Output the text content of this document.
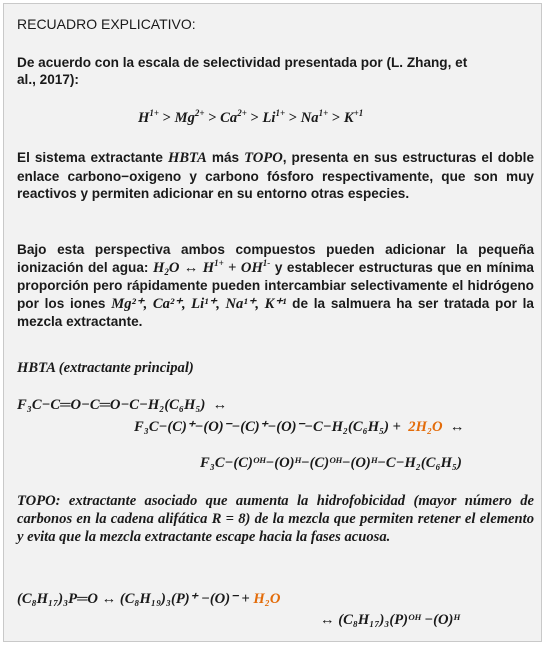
RECUADRO EXPLICATIVO:
De acuerdo con la escala de selectividad presentada por (L. Zhang, et
al., 2017):
$H^{1+} > Mg^{2+} > Ca^{2+} > Li^{1+} > Na^{1+} > K^{+1}$
El sistema extractante HBTA más TOPO, presenta en sus estructuras el doble enlace carbono−oxigeno y carbono fósforo respectivamente, que son muy reactivos y permiten adicionar en su entorno otras especies.
Bajo esta perspectiva ambos compuestos pueden adicionar la pequeña ionización del agua: $H_2O$ ↔ $H^{1+} + OH^{1-}$ y establecer estructuras que en mínima proporción pero rápidamente pueden intercambiar selectivamente el hidrógeno por los iones Mg²⁺, Ca²⁺, Li¹⁺, Na¹⁺, K⁺¹ de la salmuera ha ser tratada por la mezcla extractante.
HBTA (extractante principal)
F₃C−C═O−C═O−C−H₂(C₆H₅) ↔
F₃C−(C)⁺−(O)⁻−(C)⁺−(O)⁻−C−H₂(C₆H₅) + 2H₂O ↔
F₃C−(C)ᴼᴴ−(O)ᴴ−(C)ᴼᴴ−(O)ᴴ−C−H₂(C₆H₅)
TOPO: extractante asociado que aumenta la hidrofobicidad (mayor número de carbonos en la cadena alifática R = 8) de la mezcla que permiten retener el elemento y evita que la mezcla extractante escape hacia la fases acuosa.
(C₈H₁₇)₃P═O ↔ (C₈H₁₉)₃(P)⁺ −(O)⁻ + H₂O
↔ (C₈H₁₇)₃(P)ᴼᴴ −(O)ᴴ
